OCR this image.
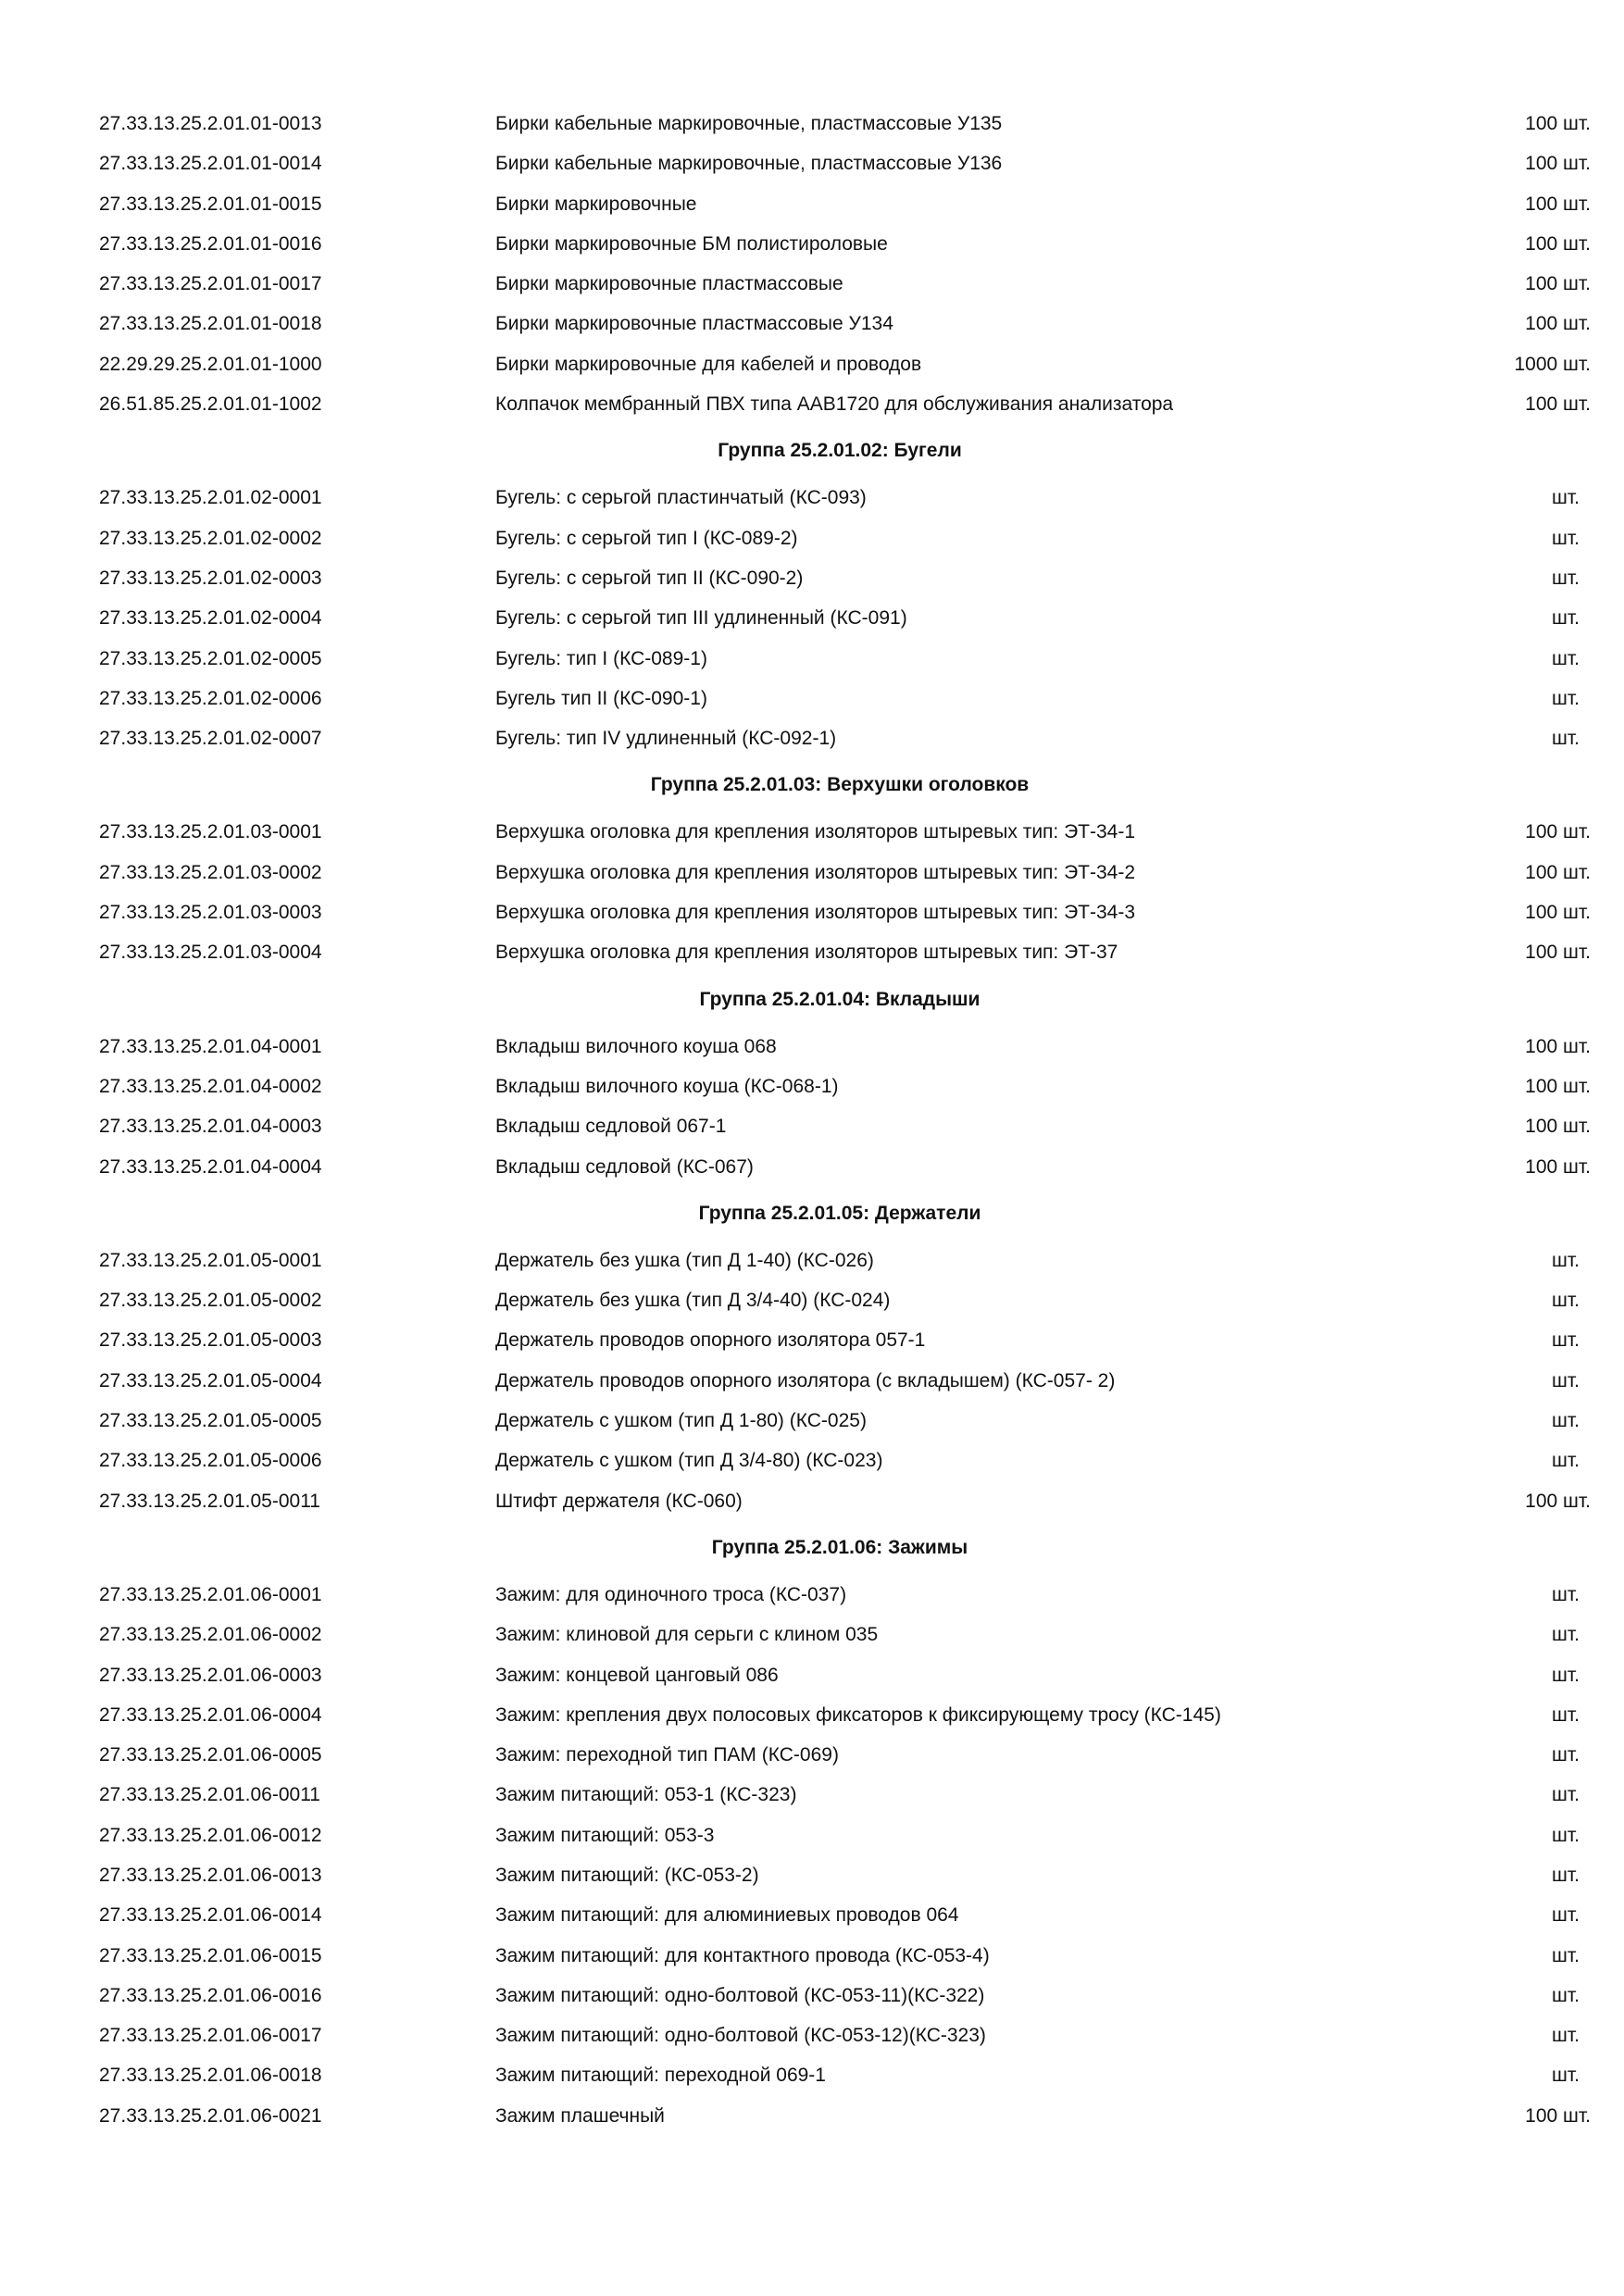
27.33.13.25.2.01.01-0013	Бирки кабельные маркировочные, пластмассовые У135	100 шт.
27.33.13.25.2.01.01-0014	Бирки кабельные маркировочные, пластмассовые У136	100 шт.
27.33.13.25.2.01.01-0015	Бирки маркировочные	100 шт.
27.33.13.25.2.01.01-0016	Бирки маркировочные БМ полистироловые	100 шт.
27.33.13.25.2.01.01-0017	Бирки маркировочные пластмассовые	100 шт.
27.33.13.25.2.01.01-0018	Бирки маркировочные пластмассовые У134	100 шт.
22.29.29.25.2.01.01-1000	Бирки маркировочные для кабелей и проводов	1000 шт.
26.51.85.25.2.01.01-1002	Колпачок мембранный ПВХ типа AAB1720 для обслуживания анализатора	100 шт.
Группа 25.2.01.02: Бугели
27.33.13.25.2.01.02-0001	Бугель: с серьгой пластинчатый (КС-093)	шт.
27.33.13.25.2.01.02-0002	Бугель: с серьгой тип I (КС-089-2)	шт.
27.33.13.25.2.01.02-0003	Бугель: с серьгой тип II (КС-090-2)	шт.
27.33.13.25.2.01.02-0004	Бугель: с серьгой тип III удлиненный (КС-091)	шт.
27.33.13.25.2.01.02-0005	Бугель: тип I (КС-089-1)	шт.
27.33.13.25.2.01.02-0006	Бугель тип II (КС-090-1)	шт.
27.33.13.25.2.01.02-0007	Бугель: тип IV удлиненный (КС-092-1)	шт.
Группа 25.2.01.03: Верхушки оголовков
27.33.13.25.2.01.03-0001	Верхушка оголовка для крепления изоляторов штыревых тип: ЭТ-34-1	100 шт.
27.33.13.25.2.01.03-0002	Верхушка оголовка для крепления изоляторов штыревых тип: ЭТ-34-2	100 шт.
27.33.13.25.2.01.03-0003	Верхушка оголовка для крепления изоляторов штыревых тип: ЭТ-34-3	100 шт.
27.33.13.25.2.01.03-0004	Верхушка оголовка для крепления изоляторов штыревых тип: ЭТ-37	100 шт.
Группа 25.2.01.04: Вкладыши
27.33.13.25.2.01.04-0001	Вкладыш вилочного коуша 068	100 шт.
27.33.13.25.2.01.04-0002	Вкладыш вилочного коуша (КС-068-1)	100 шт.
27.33.13.25.2.01.04-0003	Вкладыш седловой 067-1	100 шт.
27.33.13.25.2.01.04-0004	Вкладыш седловой (КС-067)	100 шт.
Группа 25.2.01.05: Держатели
27.33.13.25.2.01.05-0001	Держатель без ушка (тип Д 1-40) (КС-026)	шт.
27.33.13.25.2.01.05-0002	Держатель без ушка (тип Д 3/4-40) (КС-024)	шт.
27.33.13.25.2.01.05-0003	Держатель проводов опорного изолятора 057-1	шт.
27.33.13.25.2.01.05-0004	Держатель проводов опорного изолятора (с вкладышем) (КС-057- 2)	шт.
27.33.13.25.2.01.05-0005	Держатель с ушком (тип Д 1-80) (КС-025)	шт.
27.33.13.25.2.01.05-0006	Держатель с ушком (тип Д 3/4-80) (КС-023)	шт.
27.33.13.25.2.01.05-0011	Штифт держателя (КС-060)	100 шт.
Группа 25.2.01.06: Зажимы
27.33.13.25.2.01.06-0001	Зажим: для одиночного троса (КС-037)	шт.
27.33.13.25.2.01.06-0002	Зажим: клиновой для серьги с клином 035	шт.
27.33.13.25.2.01.06-0003	Зажим: концевой цанговый 086	шт.
27.33.13.25.2.01.06-0004	Зажим: крепления двух полосовых фиксаторов к фиксирующему тросу (КС-145)	шт.
27.33.13.25.2.01.06-0005	Зажим: переходной тип ПАМ (КС-069)	шт.
27.33.13.25.2.01.06-0011	Зажим питающий: 053-1 (КС-323)	шт.
27.33.13.25.2.01.06-0012	Зажим питающий: 053-3	шт.
27.33.13.25.2.01.06-0013	Зажим питающий: (КС-053-2)	шт.
27.33.13.25.2.01.06-0014	Зажим питающий: для алюминиевых проводов 064	шт.
27.33.13.25.2.01.06-0015	Зажим питающий: для контактного провода (КС-053-4)	шт.
27.33.13.25.2.01.06-0016	Зажим питающий: одно-болтовой (КС-053-11)(КС-322)	шт.
27.33.13.25.2.01.06-0017	Зажим питающий: одно-болтовой (КС-053-12)(КС-323)	шт.
27.33.13.25.2.01.06-0018	Зажим питающий: переходной 069-1	шт.
27.33.13.25.2.01.06-0021	Зажим плашечный	100 шт.
